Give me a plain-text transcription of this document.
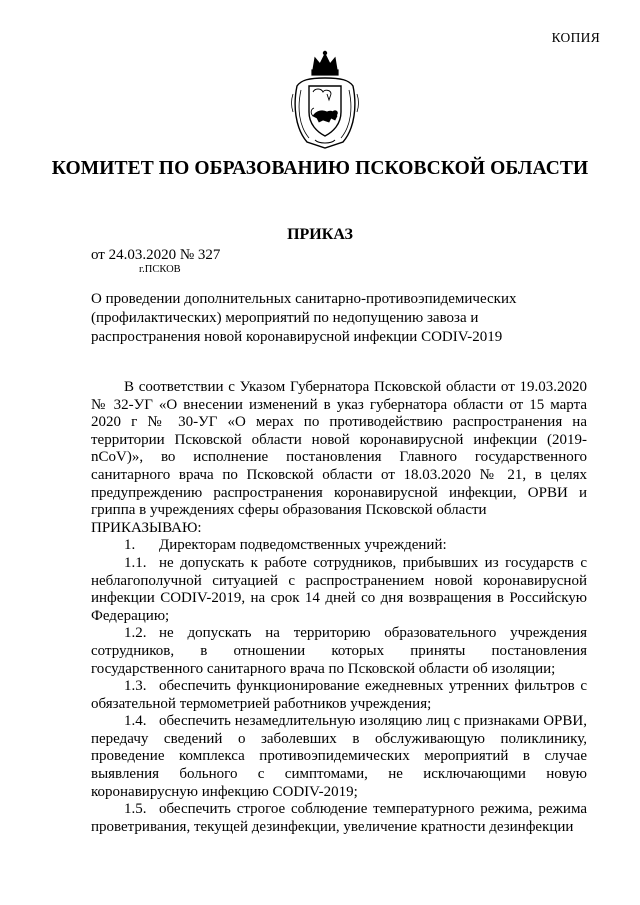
КОПИЯ
КОМИТЕТ ПО ОБРАЗОВАНИЮ ПСКОВСКОЙ ОБЛАСТИ
ПРИКАЗ
от 24.03.2020 № 327
г.ПСКОВ
О проведении дополнительных санитарно-противоэпидемических (профилактических) мероприятий по недопущению завоза и распространения новой коронавирусной инфекции CODIV-2019

В соответствии с Указом Губернатора Псковской области от 19.03.2020 № 32-УГ «О внесении изменений в указ губернатора области от 15 марта 2020 г № 30-УГ «О мерах по противодействию распространения на территории Псковской области новой коронавирусной инфекции (2019-nCoV)», во исполнение постановления Главного государственного санитарного врача по Псковской области от 18.03.2020 № 21, в целях предупреждению распространения коронавирусной инфекции, ОРВИ и гриппа в учреждениях сферы образования Псковской области

ПРИКАЗЫВАЮ:

1. Директорам подведомственных учреждений:

1.1. не допускать к работе сотрудников, прибывших из государств с неблагополучной ситуацией с распространением новой коронавирусной инфекции CODIV-2019, на срок 14 дней со дня возвращения в Российскую Федерацию;

1.2. не допускать на территорию образовательного учреждения сотрудников, в отношении которых приняты постановления государственного санитарного врача по Псковской области об изоляции;

1.3. обеспечить функционирование ежедневных утренних фильтров с обязательной термометрией работников учреждения;

1.4. обеспечить незамедлительную изоляцию лиц с признаками ОРВИ, передачу сведений о заболевших в обслуживающую поликлинику, проведение комплекса противоэпидемических мероприятий в случае выявления больного с симптомами, не исключающими новую коронавирусную инфекцию CODIV-2019;

1.5. обеспечить строгое соблюдение температурного режима, режима проветривания, текущей дезинфекции, увеличение кратности дезинфекции
